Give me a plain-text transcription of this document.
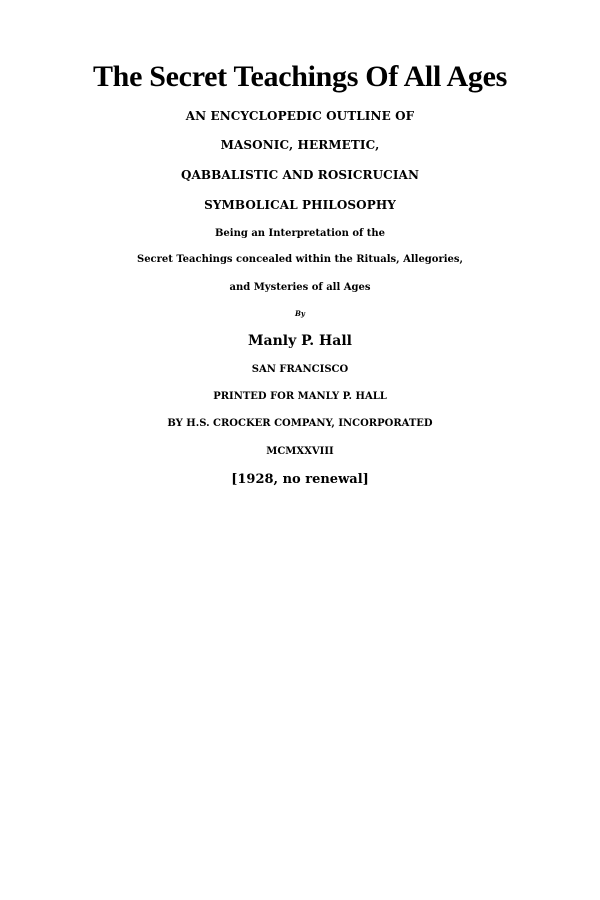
The Secret Teachings Of All Ages
AN ENCYCLOPEDIC OUTLINE OF
MASONIC, HERMETIC,
QABBALISTIC AND ROSICRUCIAN
SYMBOLICAL PHILOSOPHY
Being an Interpretation of the
Secret Teachings concealed within the Rituals, Allegories,
and Mysteries of all Ages
By
Manly P. Hall
SAN FRANCISCO
PRINTED FOR MANLY P. HALL
BY H.S. CROCKER COMPANY, INCORPORATED
MCMXXVIII
[1928, no renewal]
